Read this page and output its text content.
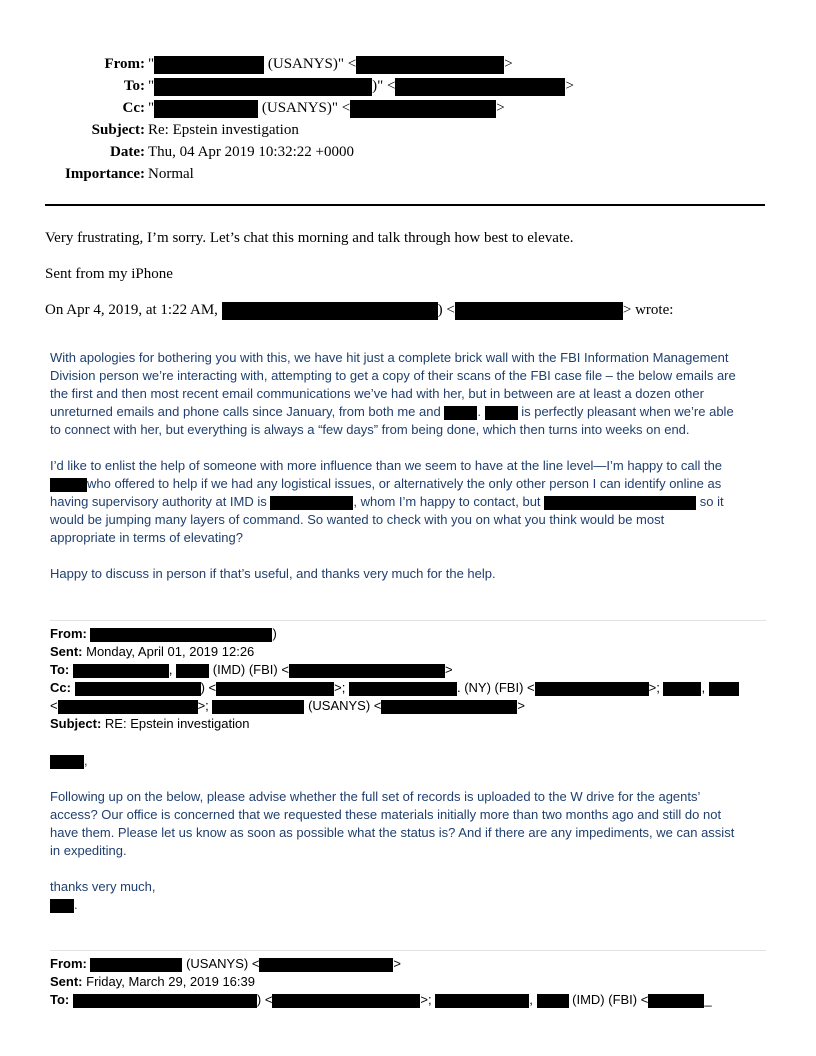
From: "	(USANYS)" <	>
To: "	)" <	>
Cc: "	(USANYS)" <	>
Subject: Re: Epstein investigation
Date: Thu, 04 Apr 2019 10:32:22 +0000
Importance: Normal
Very frustrating, I’m sorry. Let’s chat this morning and talk through how best to elevate.
Sent from my iPhone
On Apr 4, 2019, at 1:22 AM,	) <	> wrote:
With apologies for bothering you with this, we have hit just a complete brick wall with the FBI Information Management
Division person we’re interacting with, attempting to get a copy of their scans of the FBI case file – the below emails are
the first and then most recent email communications we’ve had with her, but in between are at least a dozen other
unreturned emails and phone calls since January, from both me and	.	is perfectly pleasant when we’re able
to connect with her, but everything is always a “few days” from being done, which then turns into weeks on end.
I’d like to enlist the help of someone with more influence than we seem to have at the line level—I’m happy to call the
who offered to help if we had any logistical issues, or alternatively the only other person I can identify online as
having supervisory authority at IMD is	, whom I’m happy to contact, but	so it
would be jumping many layers of command. So wanted to check with you on what you think would be most
appropriate in terms of elevating?
Happy to discuss in person if that’s useful, and thanks very much for the help.
From:	)
Sent: Monday, April 01, 2019 12:26
To:	,	(IMD) (FBI) <	>
Cc:	) <	>;	. (NY) (FBI) <	>;	,
<	>;	(USANYS) <	>
Subject: RE: Epstein investigation
,
Following up on the below, please advise whether the full set of records is uploaded to the W drive for the agents’
access? Our office is concerned that we requested these materials initially more than two months ago and still do not
have them. Please let us know as soon as possible what the status is? And if there are any impediments, we can assist
in expediting.
thanks very much,
.
From:	(USANYS) <	>
Sent: Friday, March 29, 2019 16:39
To:	) <	>;	,	(IMD) (FBI) <	_
